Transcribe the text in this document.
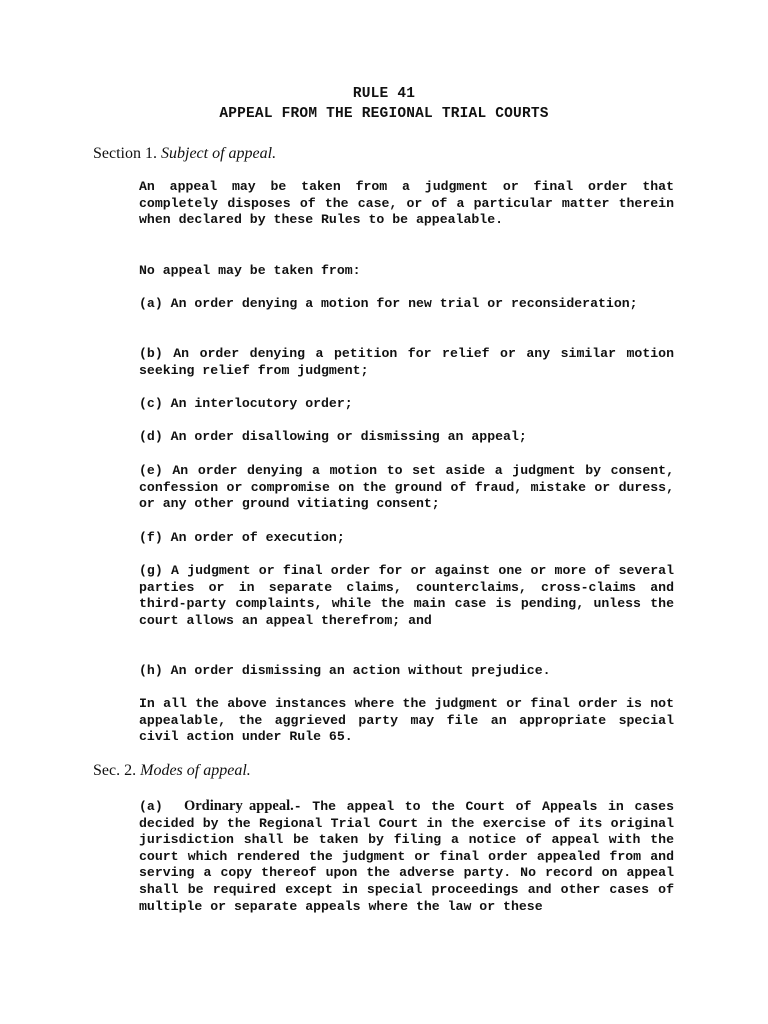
RULE 41
APPEAL FROM THE REGIONAL TRIAL COURTS

Section 1. Subject of appeal.

An appeal may be taken from a judgment or final order that completely disposes of the case, or of a particular matter therein when declared by these Rules to be appealable.

No appeal may be taken from:

(a) An order denying a motion for new trial or reconsideration;

(b) An order denying a petition for relief or any similar motion seeking relief from judgment;

(c) An interlocutory order;

(d) An order disallowing or dismissing an appeal;

(e) An order denying a motion to set aside a judgment by consent, confession or compromise on the ground of fraud, mistake or duress, or any other ground vitiating consent;

(f) An order of execution;

(g) A judgment or final order for or against one or more of several parties or in separate claims, counterclaims, cross-claims and third-party complaints, while the main case is pending, unless the court allows an appeal therefrom; and

(h) An order dismissing an action without prejudice.

In all the above instances where the judgment or final order is not appealable, the aggrieved party may file an appropriate special civil action under Rule 65.

Sec. 2. Modes of appeal.

(a) Ordinary appeal.- The appeal to the Court of Appeals in cases decided by the Regional Trial Court in the exercise of its original jurisdiction shall be taken by filing a notice of appeal with the court which rendered the judgment or final order appealed from and serving a copy thereof upon the adverse party. No record on appeal shall be required except in special proceedings and other cases of multiple or separate appeals where the law or these
